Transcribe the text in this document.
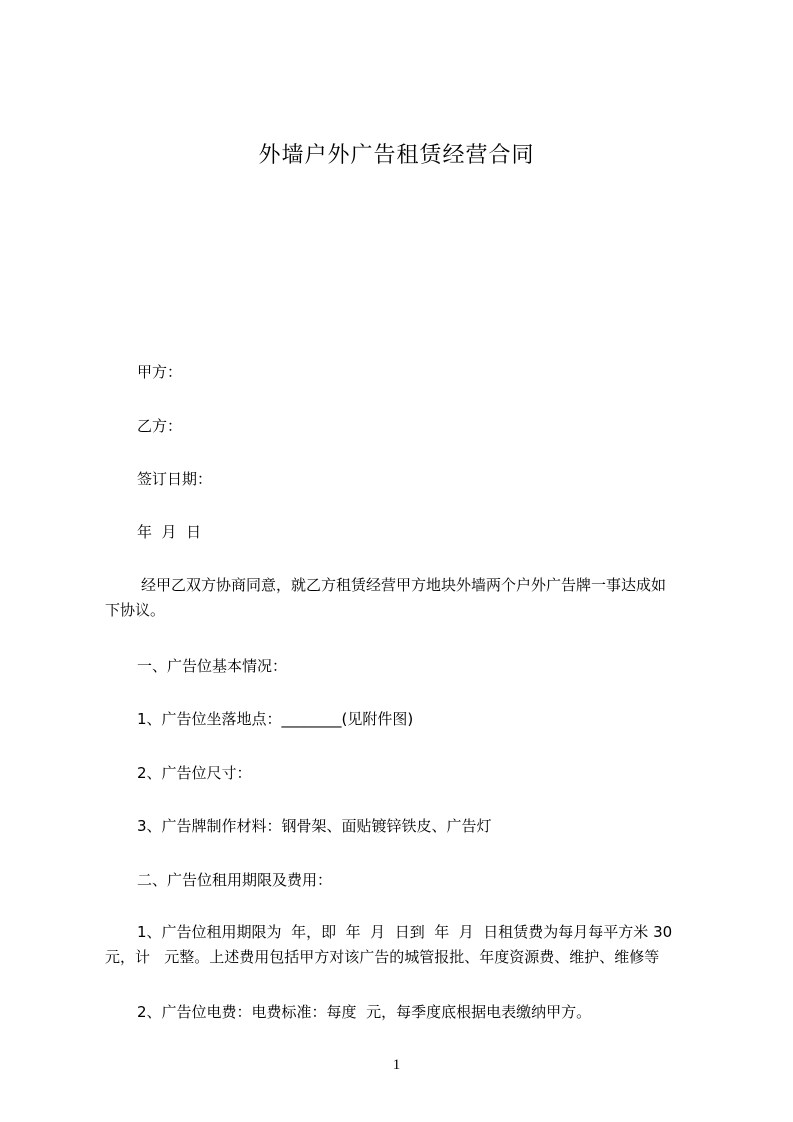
外墙户外广告租赁经营合同
甲方：
乙方：
签订日期：
年  月  日
经甲乙双方协商同意，就乙方租赁经营甲方地块外墙两个户外广告牌一事达成如
下协议。
一、广告位基本情况：
1、广告位坐落地点：________(见附件图)
2、广告位尺寸：
3、广告牌制作材料：钢骨架、面贴镀锌铁皮、广告灯
二、广告位租用期限及费用：
1、广告位租用期限为  年，即  年  月  日到  年  月  日租赁费为每月每平方米 30
元，计   元整。上述费用包括甲方对该广告的城管报批、年度资源费、维护、维修等
2、广告位电费：电费标准：每度  元，每季度底根据电表缴纳甲方。
1
